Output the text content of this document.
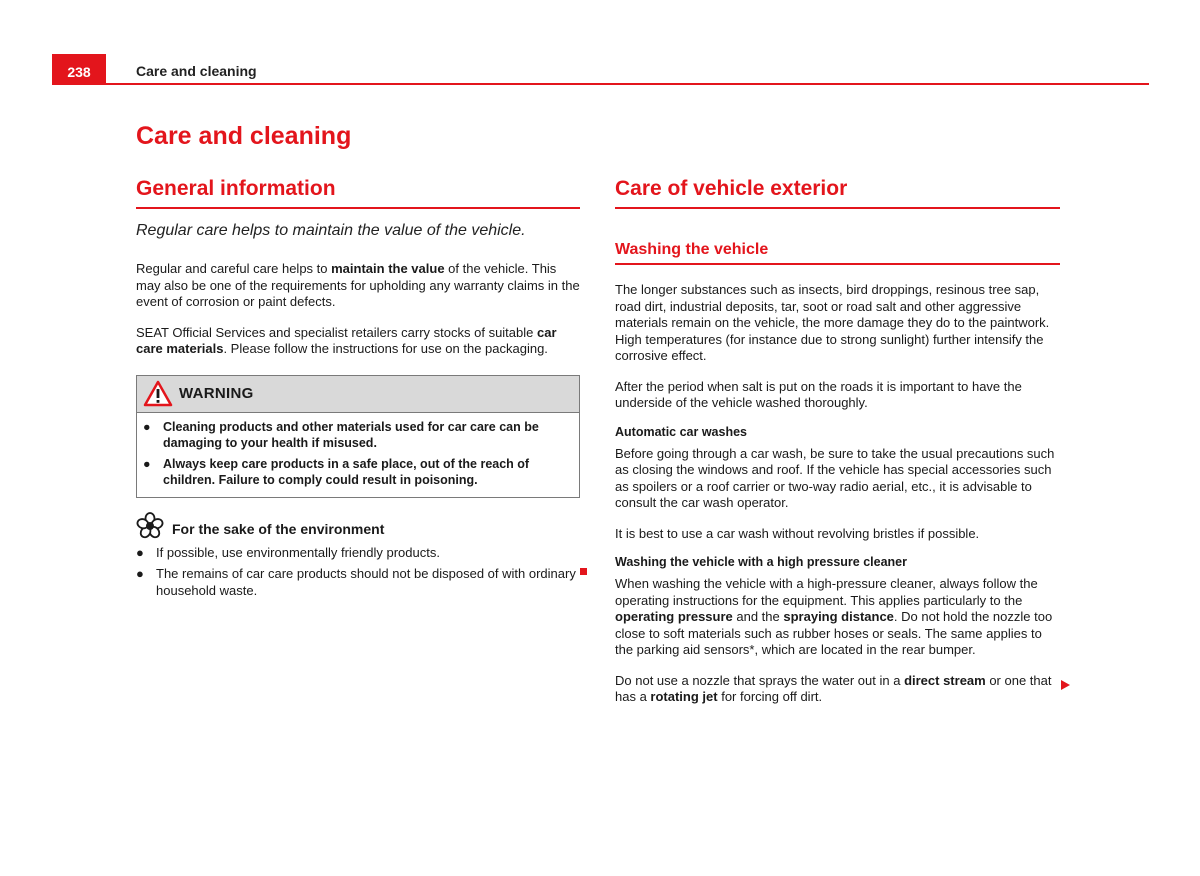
238	Care and cleaning
Care and cleaning
General information

Regular care helps to maintain the value of the vehicle.

Regular and careful care helps to maintain the value of the vehicle. This may also be one of the requirements for upholding any warranty claims in the event of corrosion or paint defects.

SEAT Official Services and specialist retailers carry stocks of suitable car care materials. Please follow the instructions for use on the packaging.

WARNING
● Cleaning products and other materials used for car care can be damaging to your health if misused.
● Always keep care products in a safe place, out of the reach of children. Failure to comply could result in poisoning.
For the sake of the environment
● If possible, use environmentally friendly products.
● The remains of car care products should not be disposed of with ordinary household waste.
Care of vehicle exterior
Washing the vehicle

The longer substances such as insects, bird droppings, resinous tree sap, road dirt, industrial deposits, tar, soot or road salt and other aggressive materials remain on the vehicle, the more damage they do to the paintwork. High temperatures (for instance due to strong sunlight) further intensify the corrosive effect.

After the period when salt is put on the roads it is important to have the underside of the vehicle washed thoroughly.

Automatic car washes

Before going through a car wash, be sure to take the usual precautions such as closing the windows and roof. If the vehicle has special accessories such as spoilers or a roof carrier or two-way radio aerial, etc., it is advisable to consult the car wash operator.

It is best to use a car wash without revolving bristles if possible.

Washing the vehicle with a high pressure cleaner

When washing the vehicle with a high-pressure cleaner, always follow the operating instructions for the equipment. This applies particularly to the operating pressure and the spraying distance. Do not hold the nozzle too close to soft materials such as rubber hoses or seals. The same applies to the parking aid sensors*, which are located in the rear bumper.

Do not use a nozzle that sprays the water out in a direct stream or one that has a rotating jet for forcing off dirt.
